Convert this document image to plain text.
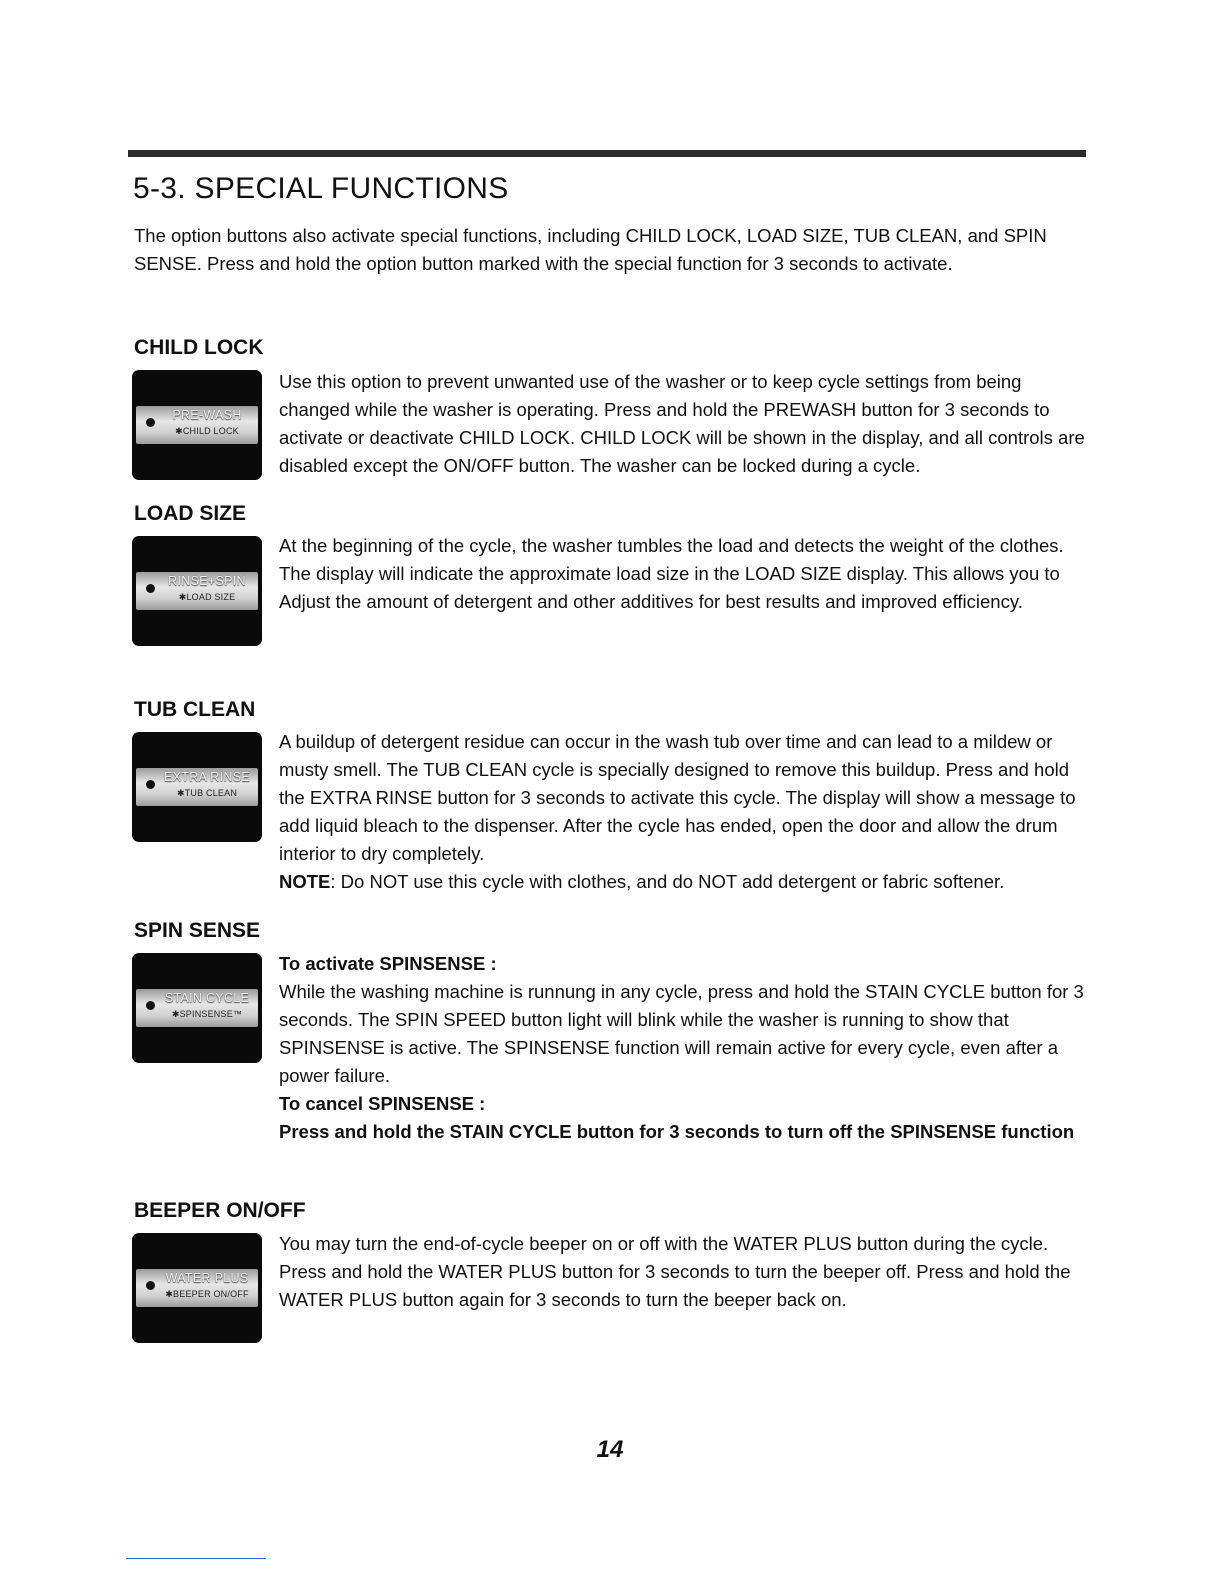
5-3. SPECIAL FUNCTIONS
The option buttons also activate special functions, including CHILD LOCK, LOAD SIZE, TUB CLEAN, and SPIN SENSE. Press and hold the option button marked with the special function for 3 seconds to activate.
CHILD LOCK
PRE-WASH
✱CHILD LOCK

Use this option to prevent unwanted use of the washer or to keep cycle settings from being changed while the washer is operating. Press and hold the PREWASH button for 3 seconds to activate or deactivate CHILD LOCK. CHILD LOCK will be shown in the display, and all controls are disabled except the ON/OFF button. The washer can be locked during a cycle.

LOAD SIZE
RINSE+SPIN
✱LOAD SIZE

At the beginning of the cycle, the washer tumbles the load and detects the weight of the clothes.

The display will indicate the approximate load size in the LOAD SIZE display. This allows you to Adjust the amount of detergent and other additives for best results and improved efficiency.

TUB CLEAN
EXTRA RINSE
✱TUB CLEAN

A buildup of detergent residue can occur in the wash tub over time and can lead to a mildew or musty smell. The TUB CLEAN cycle is specially designed to remove this buildup. Press and hold the EXTRA RINSE button for 3 seconds to activate this cycle. The display will show a message to add liquid bleach to the dispenser. After the cycle has ended, open the door and allow the drum interior to dry completely.

NOTE: Do NOT use this cycle with clothes, and do NOT add detergent or fabric softener.

SPIN SENSE
STAIN CYCLE
✱SPINSENSE™

To activate SPINSENSE :

While the washing machine is runnung in any cycle, press and hold the STAIN CYCLE button for 3 seconds. The SPIN SPEED button light will blink while the washer is running to show that SPINSENSE is active. The SPINSENSE function will remain active for every cycle, even after a power failure.

To cancel SPINSENSE :

Press and hold the STAIN CYCLE button for 3 seconds to turn off the SPINSENSE function

BEEPER ON/OFF
WATER PLUS
✱BEEPER ON/OFF

You may turn the end-of-cycle beeper on or off with the WATER PLUS button during the cycle. Press and hold the WATER PLUS button for 3 seconds to turn the beeper off. Press and hold the WATER PLUS button again for 3 seconds to turn the beeper back on.

14
